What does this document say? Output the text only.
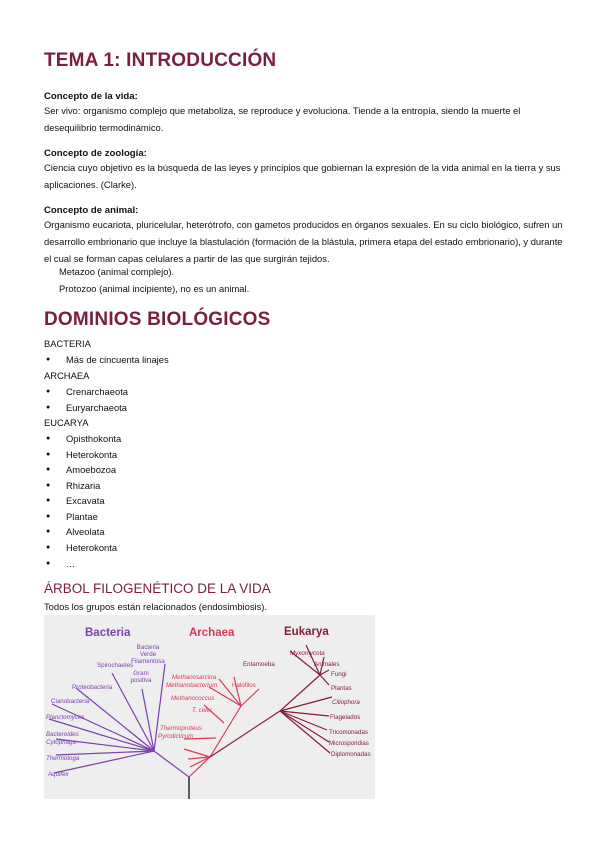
TEMA 1: INTRODUCCIÓN
Concepto de la vida:
Ser vivo: organismo complejo que metaboliza, se reproduce y evoluciona. Tiende a la entropía, siendo la muerte el desequilibrio termodinámico.
Concepto de zoología:
Ciencia cuyo objetivo es la búsqueda de las leyes y principios que gobiernan la expresión de la vida animal en la tierra y sus aplicaciones. (Clarke).
Concepto de animal:
Organismo eucariota, pluricelular, heterótrofo, con gametos producidos en órganos sexuales. En su ciclo biológico, sufren un desarrollo embrionario que incluye la blastulación (formación de la blástula, primera etapa del estado embrionario), y durante el cual se forman capas celulares a partir de las que surgirán tejidos.
Metazoo (animal complejo).
Protozoo (animal incipiente), no es un animal.
DOMINIOS BIOLÓGICOS
BACTERIA
● Más de cincuenta linajes
ARCHAEA
● Crenarchaeota
● Euryarchaeota
EUCARYA
● Opisthokonta
● Heterokonta
● Amoebozoa
● Rhizaria
● Excavata
● Plantae
● Alveolata
● Heterokonta
● …
ÁRBOL FILOGENÉTICO DE LA VIDA
Todos los grupos están relacionados (endosimbiosis).
Bacteria	Archaea	Eukarya
Bacteria
Verde
Filamentosa
Spirochaetes
Gram
positiva
Proteobacteria
Cianobacteria
Planctomyces
Bacteroides
Cytophaga
Thermotoga
Aquifex
Methanosarcina
Methanobacterium Halófilos
Methanococcus
T. celer
Thermoproteus
Pyrodicticum
Myxomycota
Entamoeba	Animales
Fungi
Plantas
Ciliophora
Flagelados
Tricomonadas
Microsporidias
Diplomonadas
